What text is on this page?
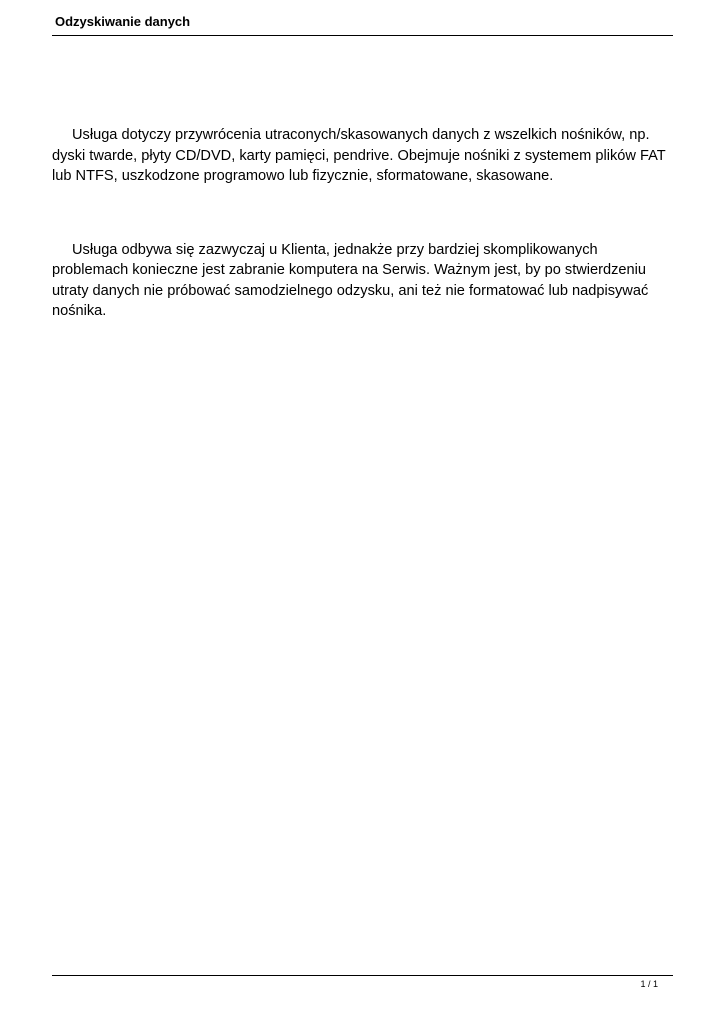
Odzyskiwanie danych

Usługa dotyczy przywrócenia utraconych/skasowanych danych z wszelkich nośników, np. dyski twarde, płyty CD/DVD, karty pamięci, pendrive. Obejmuje nośniki z systemem plików FAT lub NTFS, uszkodzone programowo lub fizycznie, sformatowane, skasowane.

Usługa odbywa się zazwyczaj u Klienta, jednakże przy bardziej skomplikowanych problemach konieczne jest zabranie komputera na Serwis. Ważnym jest, by po stwierdzeniu utraty danych nie próbować samodzielnego odzysku, ani też nie formatować lub nadpisywać nośnika.

1 / 1
